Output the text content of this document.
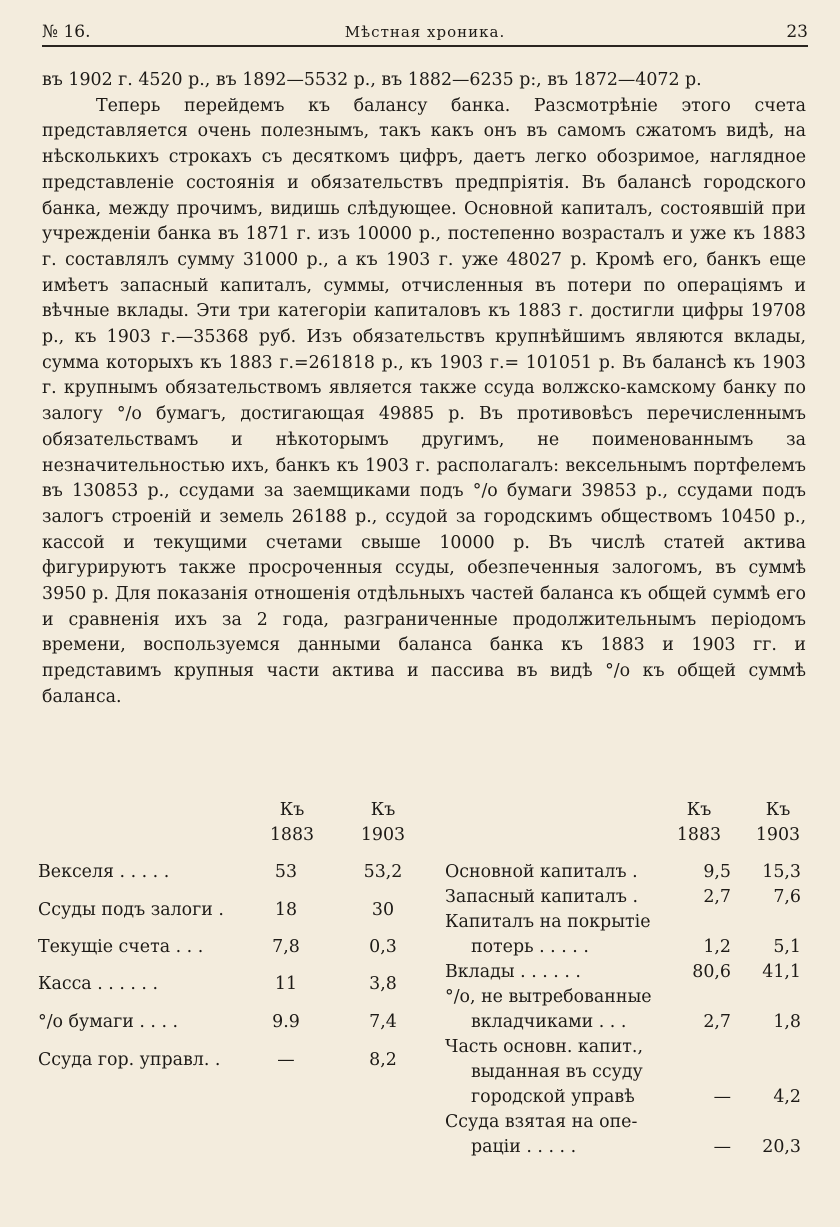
№ 16.	Мѣстная хроника.	23

въ 1902 г. 4520 р., въ 1892—5532 р., въ 1882—6235 р:, въ 1872—4072 р.

Теперь перейдемъ къ балансу банка. Разсмотрѣніе этого счета представляется очень полезнымъ, такъ какъ онъ въ самомъ сжатомъ видѣ, на нѣсколькихъ строкахъ съ десяткомъ цифръ, даетъ легко обозримое, наглядное представленіе состоянія и обязательствъ предпріятія. Въ балансѣ городского банка, между прочимъ, видишь слѣдующее. Основной капиталъ, состоявшій при учрежденіи банка въ 1871 г. изъ 10000 р., постепенно возрасталъ и уже къ 1883 г. составлялъ сумму 31000 р., а къ 1903 г. уже 48027 р. Кромѣ его, банкъ еще имѣетъ запасный капиталъ, суммы, отчисленныя въ потери по операціямъ и вѣчные вклады. Эти три категоріи капиталовъ къ 1883 г. достигли цифры 19708 р., къ 1903 г.—35368 руб. Изъ обязательствъ крупнѣйшимъ являются вклады, сумма которыхъ къ 1883 г.=261818 р., къ 1903 г.= 101051 р. Въ балансѣ къ 1903 г. крупнымъ обязательствомъ является также ссуда волжско-камскому банку по залогу °/о бумагъ, достигающая 49885 р. Въ противовѣсъ перечисленнымъ обязательствамъ и нѣкоторымъ другимъ, не поименованнымъ за незначительностью ихъ, банкъ къ 1903 г. располагалъ: вексельнымъ портфелемъ въ 130853 р., ссудами за заемщиками подъ °/о бумаги 39853 р., ссудами подъ залогъ строеній и земель 26188 р., ссудой за городскимъ обществомъ 10450 р., кассой и текущими счетами свыше 10000 р. Въ числѣ статей актива фигурируютъ также просроченныя ссуды, обезпеченныя залогомъ, въ суммѣ 3950 р. Для показанія отношенія отдѣльныхъ частей баланса къ общей суммѣ его и сравненія ихъ за 2 года, разграниченные продолжительнымъ періодомъ времени, воспользуемся данными баланса банка къ 1883 и 1903 гг. и представимъ крупныя части актива и пассива въ видѣ °/о къ общей суммѣ баланса.

Къ
1883
Къ
1903
Векселя . . . . .	53	53,2
Ссуды подъ залоги .	18	30
Текущіе счета . . .	7,8	0,3
Касса . . . . . .	11	3,8
°/о бумаги . . . .	9.9	7,4
Ссуда гор. управл. .	—	8,2
Къ
1883
Къ
1903
Основной капиталъ .	9,5	15,3
Запасный капиталъ .	2,7	7,6
Капиталъ на покрытіе
потерь . . . . .	1,2	5,1
Вклады . . . . . .	80,6	41,1
°/о, не вытребованные
вкладчиками . . .	2,7	1,8
Часть основн. капит.,
выданная въ ссуду
городской управѣ	—	4,2
Ссуда взятая на опе-
раціи . . . . .	—	20,3
